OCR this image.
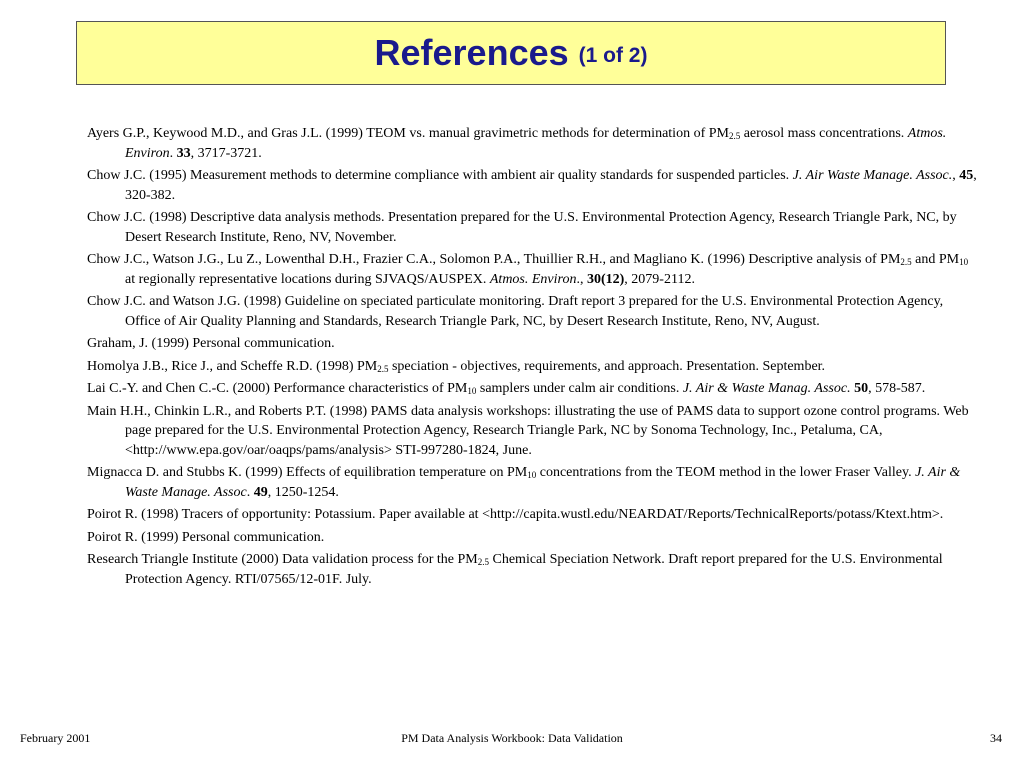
References (1 of 2)
Ayers G.P., Keywood M.D., and Gras J.L. (1999) TEOM vs. manual gravimetric methods for determination of $PM_{2.5}$ aerosol mass concentrations. Atmos. Environ. 33, 3717-3721.
Chow J.C. (1995) Measurement methods to determine compliance with ambient air quality standards for suspended particles. J. Air Waste Manage. Assoc., 45, 320-382.
Chow J.C. (1998) Descriptive data analysis methods. Presentation prepared for the U.S. Environmental Protection Agency, Research Triangle Park, NC, by Desert Research Institute, Reno, NV, November.
Chow J.C., Watson J.G., Lu Z., Lowenthal D.H., Frazier C.A., Solomon P.A., Thuillier R.H., and Magliano K. (1996) Descriptive analysis of $PM_{2.5}$ and $PM_{10}$ at regionally representative locations during SJVAQS/AUSPEX. Atmos. Environ., 30(12), 2079-2112.
Chow J.C. and Watson J.G. (1998) Guideline on speciated particulate monitoring. Draft report 3 prepared for the U.S. Environmental Protection Agency, Office of Air Quality Planning and Standards, Research Triangle Park, NC, by Desert Research Institute, Reno, NV, August.
Graham, J. (1999) Personal communication.
Homolya J.B., Rice J., and Scheffe R.D. (1998) $PM_{2.5}$ speciation - objectives, requirements, and approach. Presentation. September.
Lai C.-Y. and Chen C.-C. (2000) Performance characteristics of $PM_{10}$ samplers under calm air conditions. J. Air & Waste Manag. Assoc. 50, 578-587.
Main H.H., Chinkin L.R., and Roberts P.T. (1998) PAMS data analysis workshops: illustrating the use of PAMS data to support ozone control programs. Web page prepared for the U.S. Environmental Protection Agency, Research Triangle Park, NC by Sonoma Technology, Inc., Petaluma, CA, <http://www.epa.gov/oar/oaqps/pams/analysis> STI-997280-1824, June.
Mignacca D. and Stubbs K. (1999) Effects of equilibration temperature on $PM_{10}$ concentrations from the TEOM method in the lower Fraser Valley. J. Air & Waste Manage. Assoc. 49, 1250-1254.
Poirot R. (1998) Tracers of opportunity: Potassium. Paper available at <http://capita.wustl.edu/NEARDAT/Reports/TechnicalReports/potass/Ktext.htm>.
Poirot R. (1999) Personal communication.
Research Triangle Institute (2000) Data validation process for the $PM_{2.5}$ Chemical Speciation Network. Draft report prepared for the U.S. Environmental Protection Agency. RTI/07565/12-01F. July.
February 2001	PM Data Analysis Workbook: Data Validation	34
